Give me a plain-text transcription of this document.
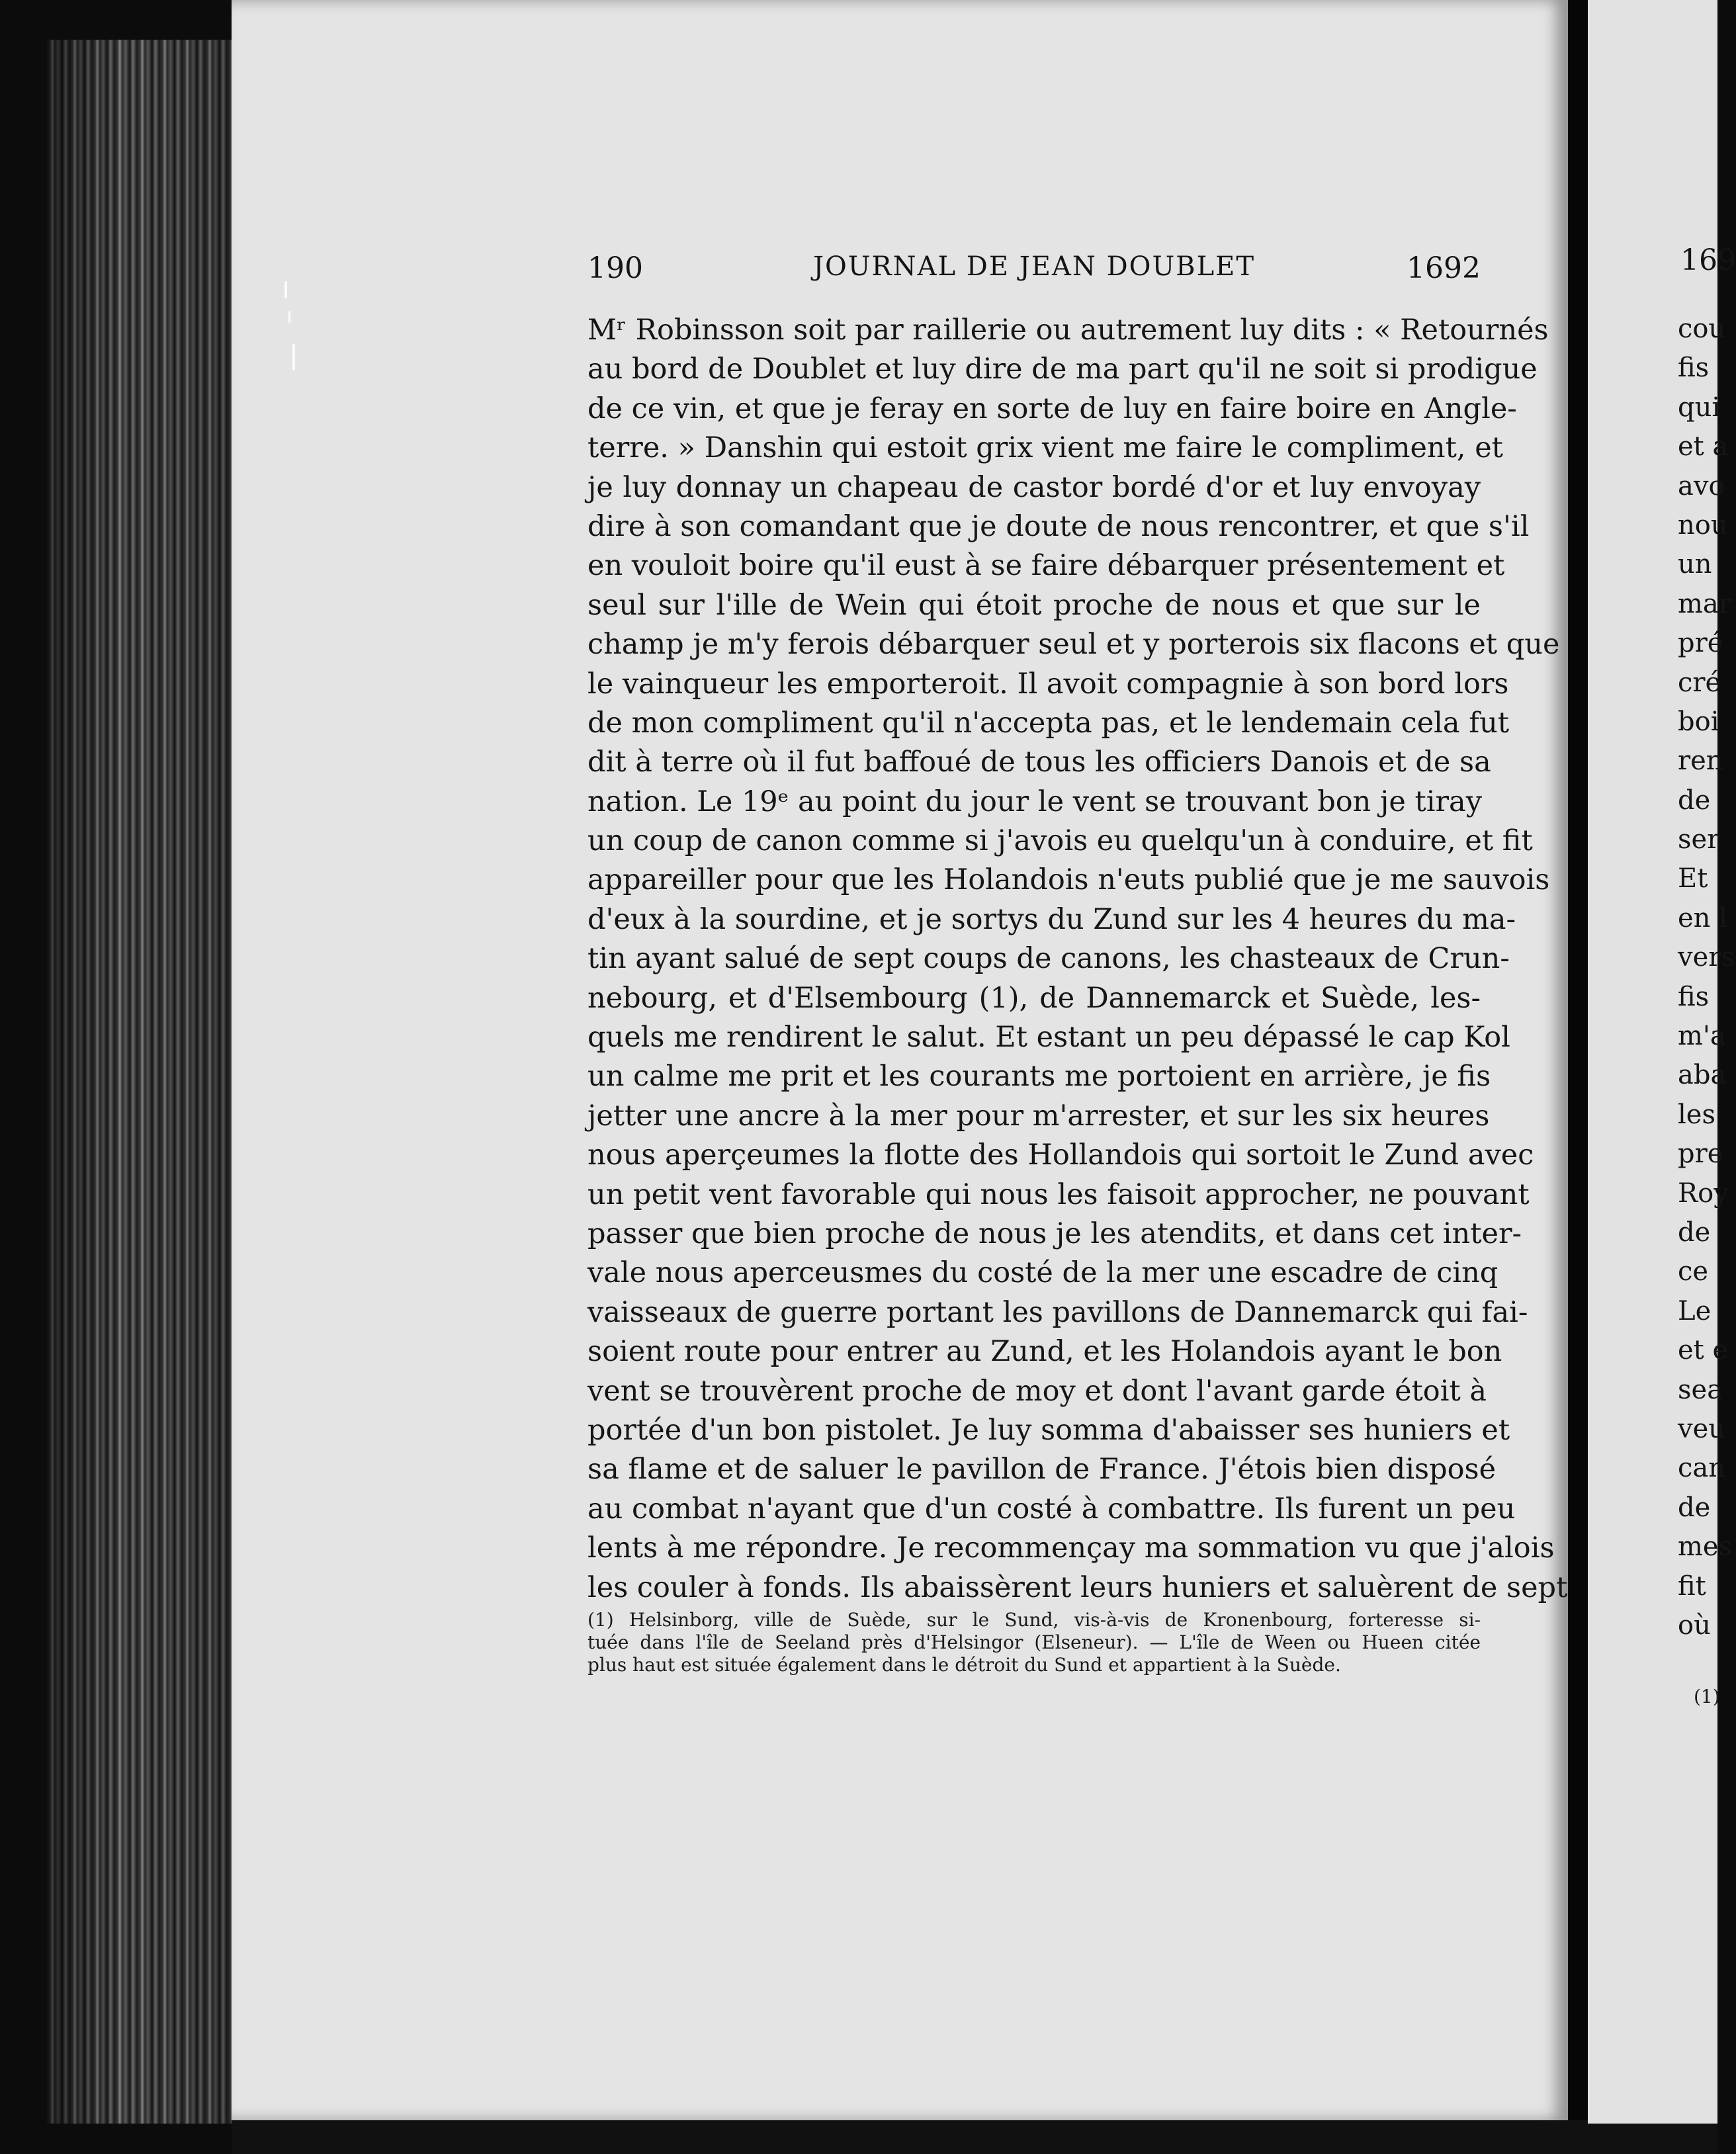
190	JOURNAL DE JEAN DOUBLET	1692
Mʳ Robinsson soit par raillerie ou autrement luy dits : « Retournés
au bord de Doublet et luy dire de ma part qu'il ne soit si prodigue
de ce vin, et que je feray en sorte de luy en faire boire en Angle-
terre. » Danshin qui estoit grix vient me faire le compliment, et
je luy donnay un chapeau de castor bordé d'or et luy envoyay
dire à son comandant que je doute de nous rencontrer, et que s'il
en vouloit boire qu'il eust à se faire débarquer présentement et
seul sur l'ille de Wein qui étoit proche de nous et que sur le
champ je m'y ferois débarquer seul et y porterois six flacons et que
le vainqueur les emporteroit. Il avoit compagnie à son bord lors
de mon compliment qu'il n'accepta pas, et le lendemain cela fut
dit à terre où il fut baffoué de tous les officiers Danois et de sa
nation. Le 19ᵉ au point du jour le vent se trouvant bon je tiray
un coup de canon comme si j'avois eu quelqu'un à conduire, et fit
appareiller pour que les Holandois n'euts publié que je me sauvois
d'eux à la sourdine, et je sortys du Zund sur les 4 heures du ma-
tin ayant salué de sept coups de canons, les chasteaux de Crun-
nebourg, et d'Elsembourg (1), de Dannemarck et Suède, les-
quels me rendirent le salut. Et estant un peu dépassé le cap Kol
un calme me prit et les courants me portoient en arrière, je fis
jetter une ancre à la mer pour m'arrester, et sur les six heures
nous aperçeumes la flotte des Hollandois qui sortoit le Zund avec
un petit vent favorable qui nous les faisoit approcher, ne pouvant
passer que bien proche de nous je les atendits, et dans cet inter-
vale nous aperceusmes du costé de la mer une escadre de cinq
vaisseaux de guerre portant les pavillons de Dannemarck qui fai-
soient route pour entrer au Zund, et les Holandois ayant le bon
vent se trouvèrent proche de moy et dont l'avant garde étoit à
portée d'un bon pistolet. Je luy somma d'abaisser ses huniers et
sa flame et de saluer le pavillon de France. J'étois bien disposé
au combat n'ayant que d'un costé à combattre. Ils furent un peu
lents à me répondre. Je recommençay ma sommation vu que j'alois
les couler à fonds. Ils abaissèrent leurs huniers et saluèrent de sept
(1) Helsinborg, ville de Suède, sur le Sund, vis-à-vis de Kronenbourg, forteresse si-
tuée dans l'île de Seeland près d'Helsingor (Elseneur). — L'île de Ween ou Hueen citée
plus haut est située également dans le détroit du Sund et appartient à la Suède.
169
cou
fis
qui
et a
avo
nou
un
mar
pré
cré
boi
ren
de
ser
Et
en l
vers
fis
m'a
aba
les
pre
Roy
de
ce
Le
et e
sea
veu
can
de
mes
fit
où
(1)
